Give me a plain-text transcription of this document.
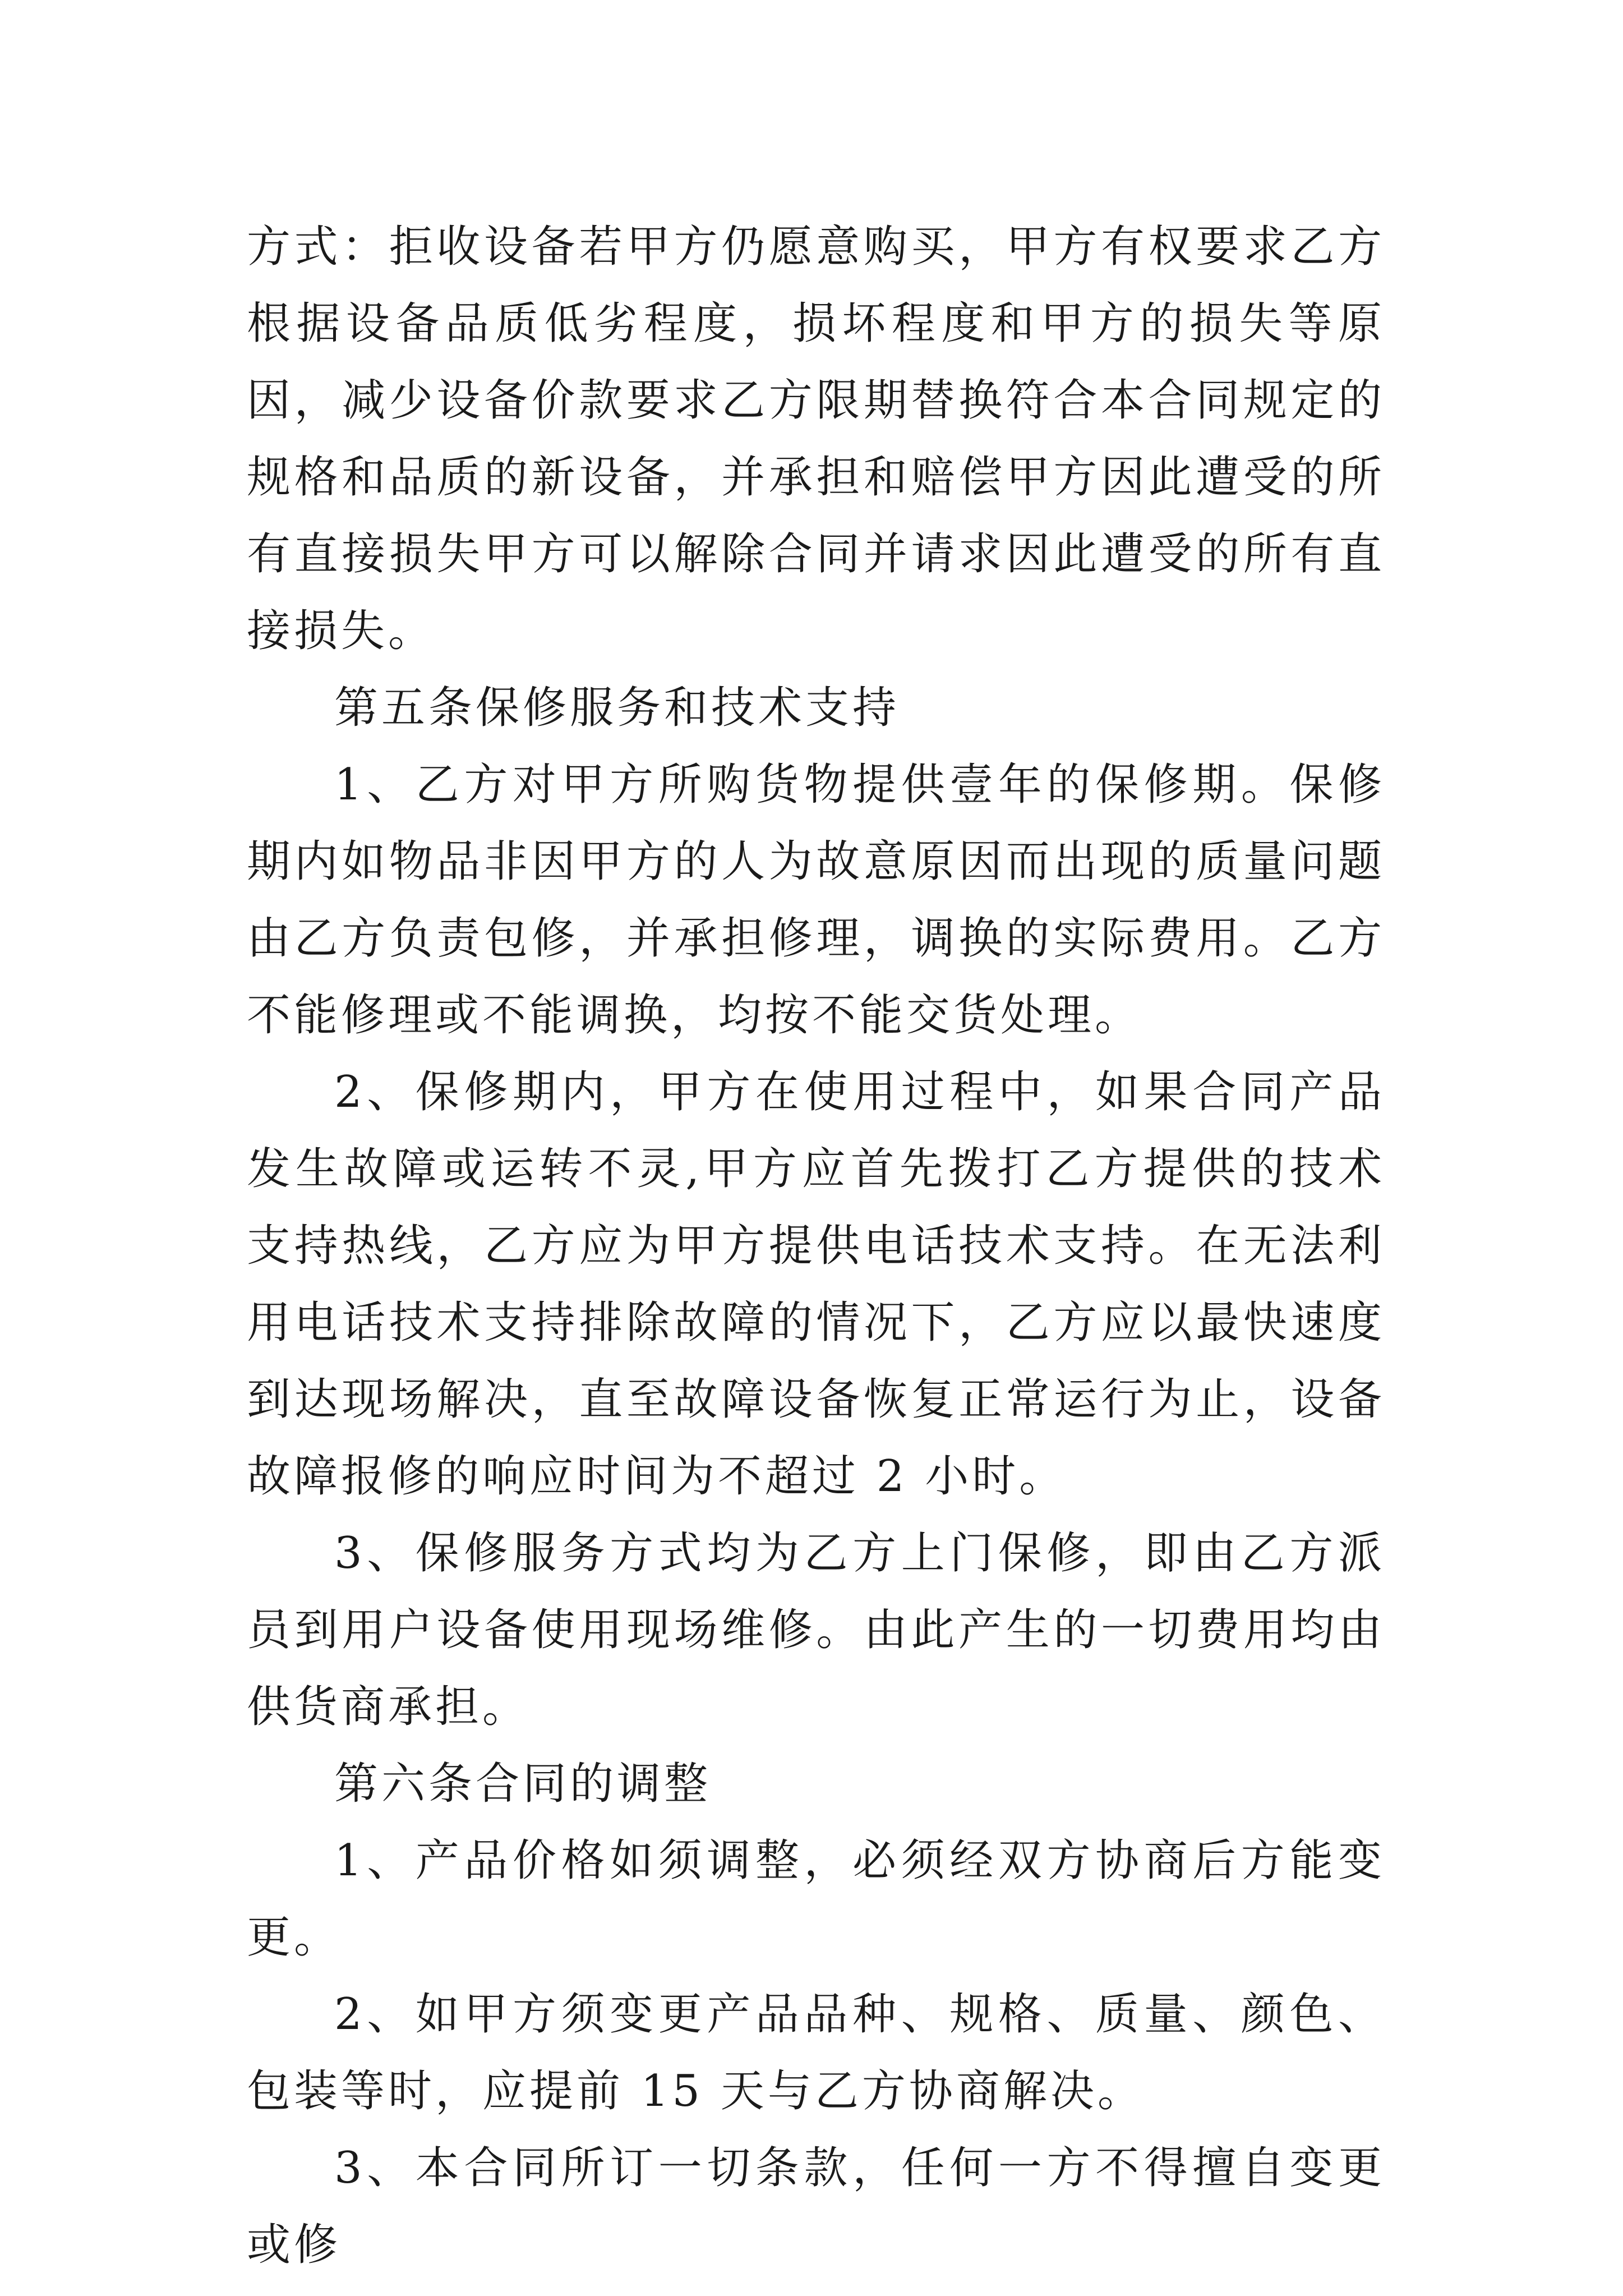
方式：拒收设备若甲方仍愿意购买，甲方有权要求乙方根据设备品质低劣程度，损坏程度和甲方的损失等原因，减少设备价款要求乙方限期替换符合本合同规定的规格和品质的新设备，并承担和赔偿甲方因此遭受的所有直接损失甲方可以解除合同并请求因此遭受的所有直接损失。

第五条保修服务和技术支持

1、乙方对甲方所购货物提供壹年的保修期。保修期内如物品非因甲方的人为故意原因而出现的质量问题由乙方负责包修，并承担修理，调换的实际费用。乙方不能修理或不能调换，均按不能交货处理。

2、保修期内，甲方在使用过程中，如果合同产品发生故障或运转不灵,甲方应首先拨打乙方提供的技术支持热线，乙方应为甲方提供电话技术支持。在无法利用电话技术支持排除故障的情况下，乙方应以最快速度到达现场解决，直至故障设备恢复正常运行为止，设备故障报修的响应时间为不超过 2 小时。

3、保修服务方式均为乙方上门保修，即由乙方派员到用户设备使用现场维修。由此产生的一切费用均由供货商承担。

第六条合同的调整

1、产品价格如须调整，必须经双方协商后方能变更。

2、如甲方须变更产品品种、规格、质量、颜色、包装等时，应提前 15 天与乙方协商解决。

3、本合同所订一切条款，任何一方不得擅自变更或修
